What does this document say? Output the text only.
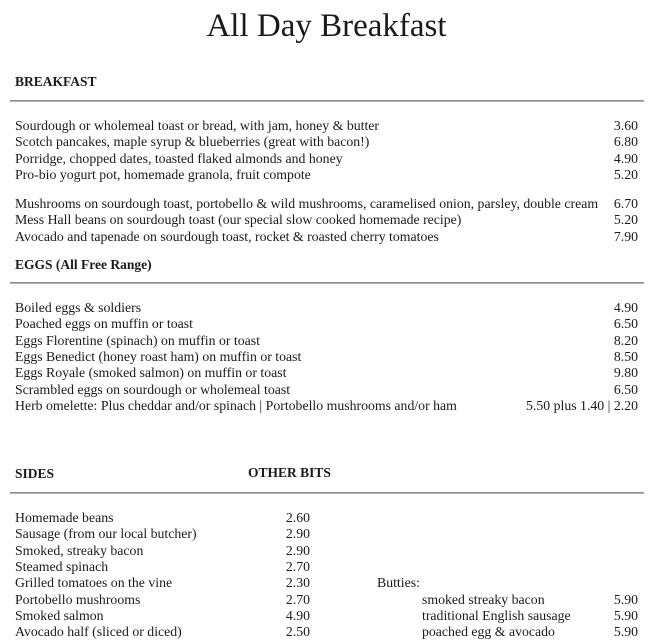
All Day Breakfast
BREAKFAST
Sourdough or wholemeal toast or bread, with jam, honey & butter	3.60
Scotch pancakes, maple syrup & blueberries (great with bacon!)	6.80
Porridge, chopped dates, toasted flaked almonds and honey	4.90
Pro-bio yogurt pot, homemade granola, fruit compote	5.20
Mushrooms on sourdough toast, portobello & wild mushrooms, caramelised onion, parsley, double cream	6.70
Mess Hall beans on sourdough toast (our special slow cooked homemade recipe)	5.20
Avocado and tapenade on sourdough toast, rocket & roasted cherry tomatoes	7.90
EGGS (All Free Range)
Boiled eggs & soldiers	4.90
Poached eggs on muffin or toast	6.50
Eggs Florentine (spinach) on muffin or toast	8.20
Eggs Benedict (honey roast ham) on muffin or toast	8.50
Eggs Royale (smoked salmon) on muffin or toast	9.80
Scrambled eggs on sourdough or wholemeal toast	6.50
Herb omelette: Plus cheddar and/or spinach | Portobello mushrooms and/or ham	5.50 plus 1.40 | 2.20
SIDES	OTHER BITS
Homemade beans	2.60
Sausage (from our local butcher)	2.90
Smoked, streaky bacon	2.90
Steamed spinach	2.70
Grilled tomatoes on the vine	2.30
Portobello mushrooms	2.70
Smoked salmon	4.90
Avocado half (sliced or diced)	2.50
Butties:
smoked streaky bacon	5.90
traditional English sausage	5.90
poached egg & avocado	5.90
